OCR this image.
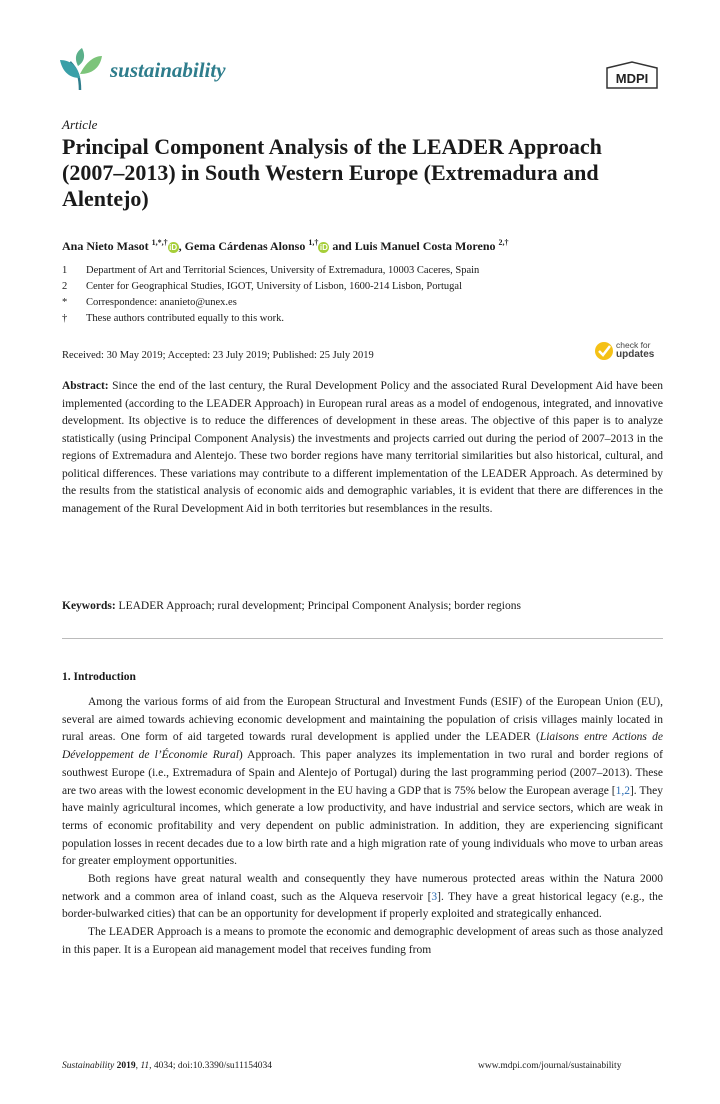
sustainability	MDPI
Article
Principal Component Analysis of the LEADER Approach (2007–2013) in South Western Europe (Extremadura and Alentejo)
Ana Nieto Masot $^{1,*,\dagger}$iD , Gema Cárdenas Alonso $^{1,\dagger}$iD and Luis Manuel Costa Moreno $^{2,\dagger}$
1 Department of Art and Territorial Sciences, University of Extremadura, 10003 Caceres, Spain
2 Center for Geographical Studies, IGOT, University of Lisbon, 1600-214 Lisbon, Portugal
* Correspondence: ananieto@unex.es
† These authors contributed equally to this work.
Received: 30 May 2019; Accepted: 23 July 2019; Published: 25 July 2019
check for
updates
Abstract: Since the end of the last century, the Rural Development Policy and the associated Rural Development Aid have been implemented (according to the LEADER Approach) in European rural areas as a model of endogenous, integrated, and innovative development. Its objective is to reduce the differences of development in these areas. The objective of this paper is to analyze statistically (using Principal Component Analysis) the investments and projects carried out during the period of 2007–2013 in the regions of Extremadura and Alentejo. These two border regions have many territorial similarities but also historical, cultural, and political differences. These variations may contribute to a different implementation of the LEADER Approach. As determined by the results from the statistical analysis of economic aids and demographic variables, it is evident that there are differences in the management of the Rural Development Aid in both territories but resemblances in the results.
Keywords: LEADER Approach; rural development; Principal Component Analysis; border regions
1. Introduction

Among the various forms of aid from the European Structural and Investment Funds (ESIF) of the European Union (EU), several are aimed towards achieving economic development and maintaining the population of crisis villages mainly located in rural areas. One form of aid targeted towards rural development is applied under the LEADER (Liaisons entre Actions de Développement de l’Économie Rural) Approach. This paper analyzes its implementation in two rural and border regions of southwest Europe (i.e., Extremadura of Spain and Alentejo of Portugal) during the last programming period (2007–2013). These are two areas with the lowest economic development in the EU having a GDP that is 75% below the European average [1,2]. They have mainly agricultural incomes, which generate a low productivity, and have industrial and service sectors, which are weak in terms of economic profitability and very dependent on public administration. In addition, they are experiencing significant population losses in recent decades due to a low birth rate and a high migration rate of young individuals who move to urban areas for greater employment opportunities.

Both regions have great natural wealth and consequently they have numerous protected areas within the Natura 2000 network and a common area of inland coast, such as the Alqueva reservoir [3]. They have a great historical legacy (e.g., the border-bulwarked cities) that can be an opportunity for development if properly exploited and strategically enhanced.

The LEADER Approach is a means to promote the economic and demographic development of areas such as those analyzed in this paper. It is a European aid management model that receives funding from

Sustainability 2019, 11, 4034; doi:10.3390/su11154034	www.mdpi.com/journal/sustainability
